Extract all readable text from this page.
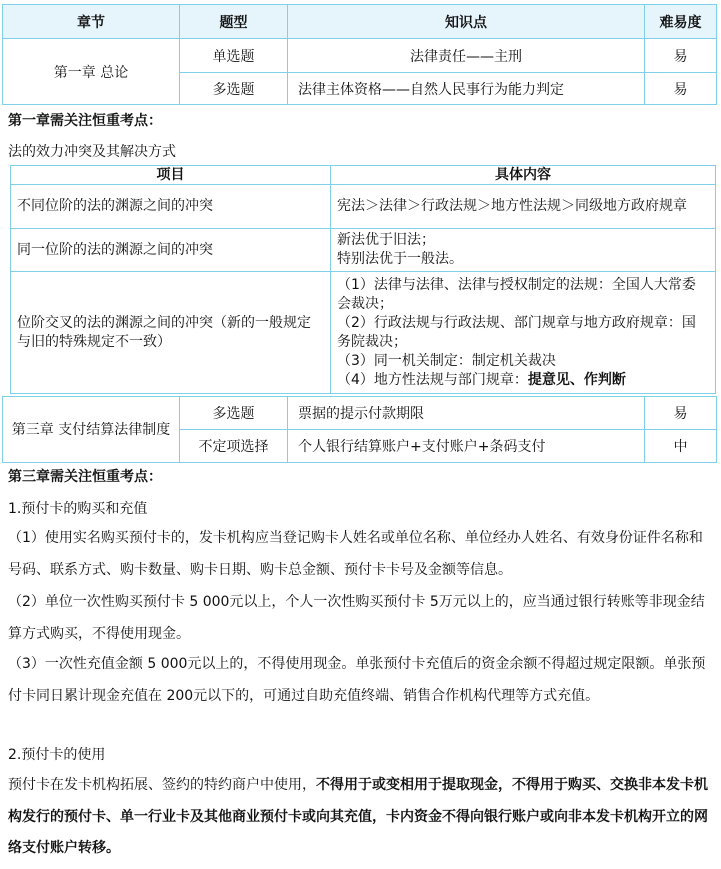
章节	题型	知识点	难易度
第一章 总论	单选题	法律责任——主刑	易
	多选题	法律主体资格——自然人民事行为能力判定	易
第一章需关注恒重考点：
法的效力冲突及其解决方式
项目	具体内容
不同位阶的法的渊源之间的冲突	宪法＞法律＞行政法规＞地方性法规＞同级地方政府规章
同一位阶的法的渊源之间的冲突	新法优于旧法；
特别法优于一般法。

位阶交叉的法的渊源之间的冲突（新的一般规定与旧的特殊规定不一致）	（1）法律与法律、法律与授权制定的法规：全国人大常委会裁决；
（2）行政法规与行政法规、部门规章与地方政府规章：国务院裁决；
（3）同一机关制定：制定机关裁决
（4）地方性法规与部门规章：提意见、作判断
第三章 支付结算法律制度	多选题	票据的提示付款期限	易
	不定项选择	个人银行结算账户+支付账户+条码支付	中
第三章需关注恒重考点：
1.预付卡的购买和充值
（1）使用实名购买预付卡的，发卡机构应当登记购卡人姓名或单位名称、单位经办人姓名、有效身份证件名称和号码、联系方式、购卡数量、购卡日期、购卡总金额、预付卡卡号及金额等信息。
（2）单位一次性购买预付卡 5 000元以上，个人一次性购买预付卡 5万元以上的，应当通过银行转账等非现金结算方式购买，不得使用现金。
（3）一次性充值金额 5 000元以上的，不得使用现金。单张预付卡充值后的资金余额不得超过规定限额。单张预付卡同日累计现金充值在 200元以下的，可通过自助充值终端、销售合作机构代理等方式充值。
2.预付卡的使用
预付卡在发卡机构拓展、签约的特约商户中使用，不得用于或变相用于提取现金，不得用于购买、交换非本发卡机构发行的预付卡、单一行业卡及其他商业预付卡或向其充值，卡内资金不得向银行账户或向非本发卡机构开立的网络支付账户转移。
